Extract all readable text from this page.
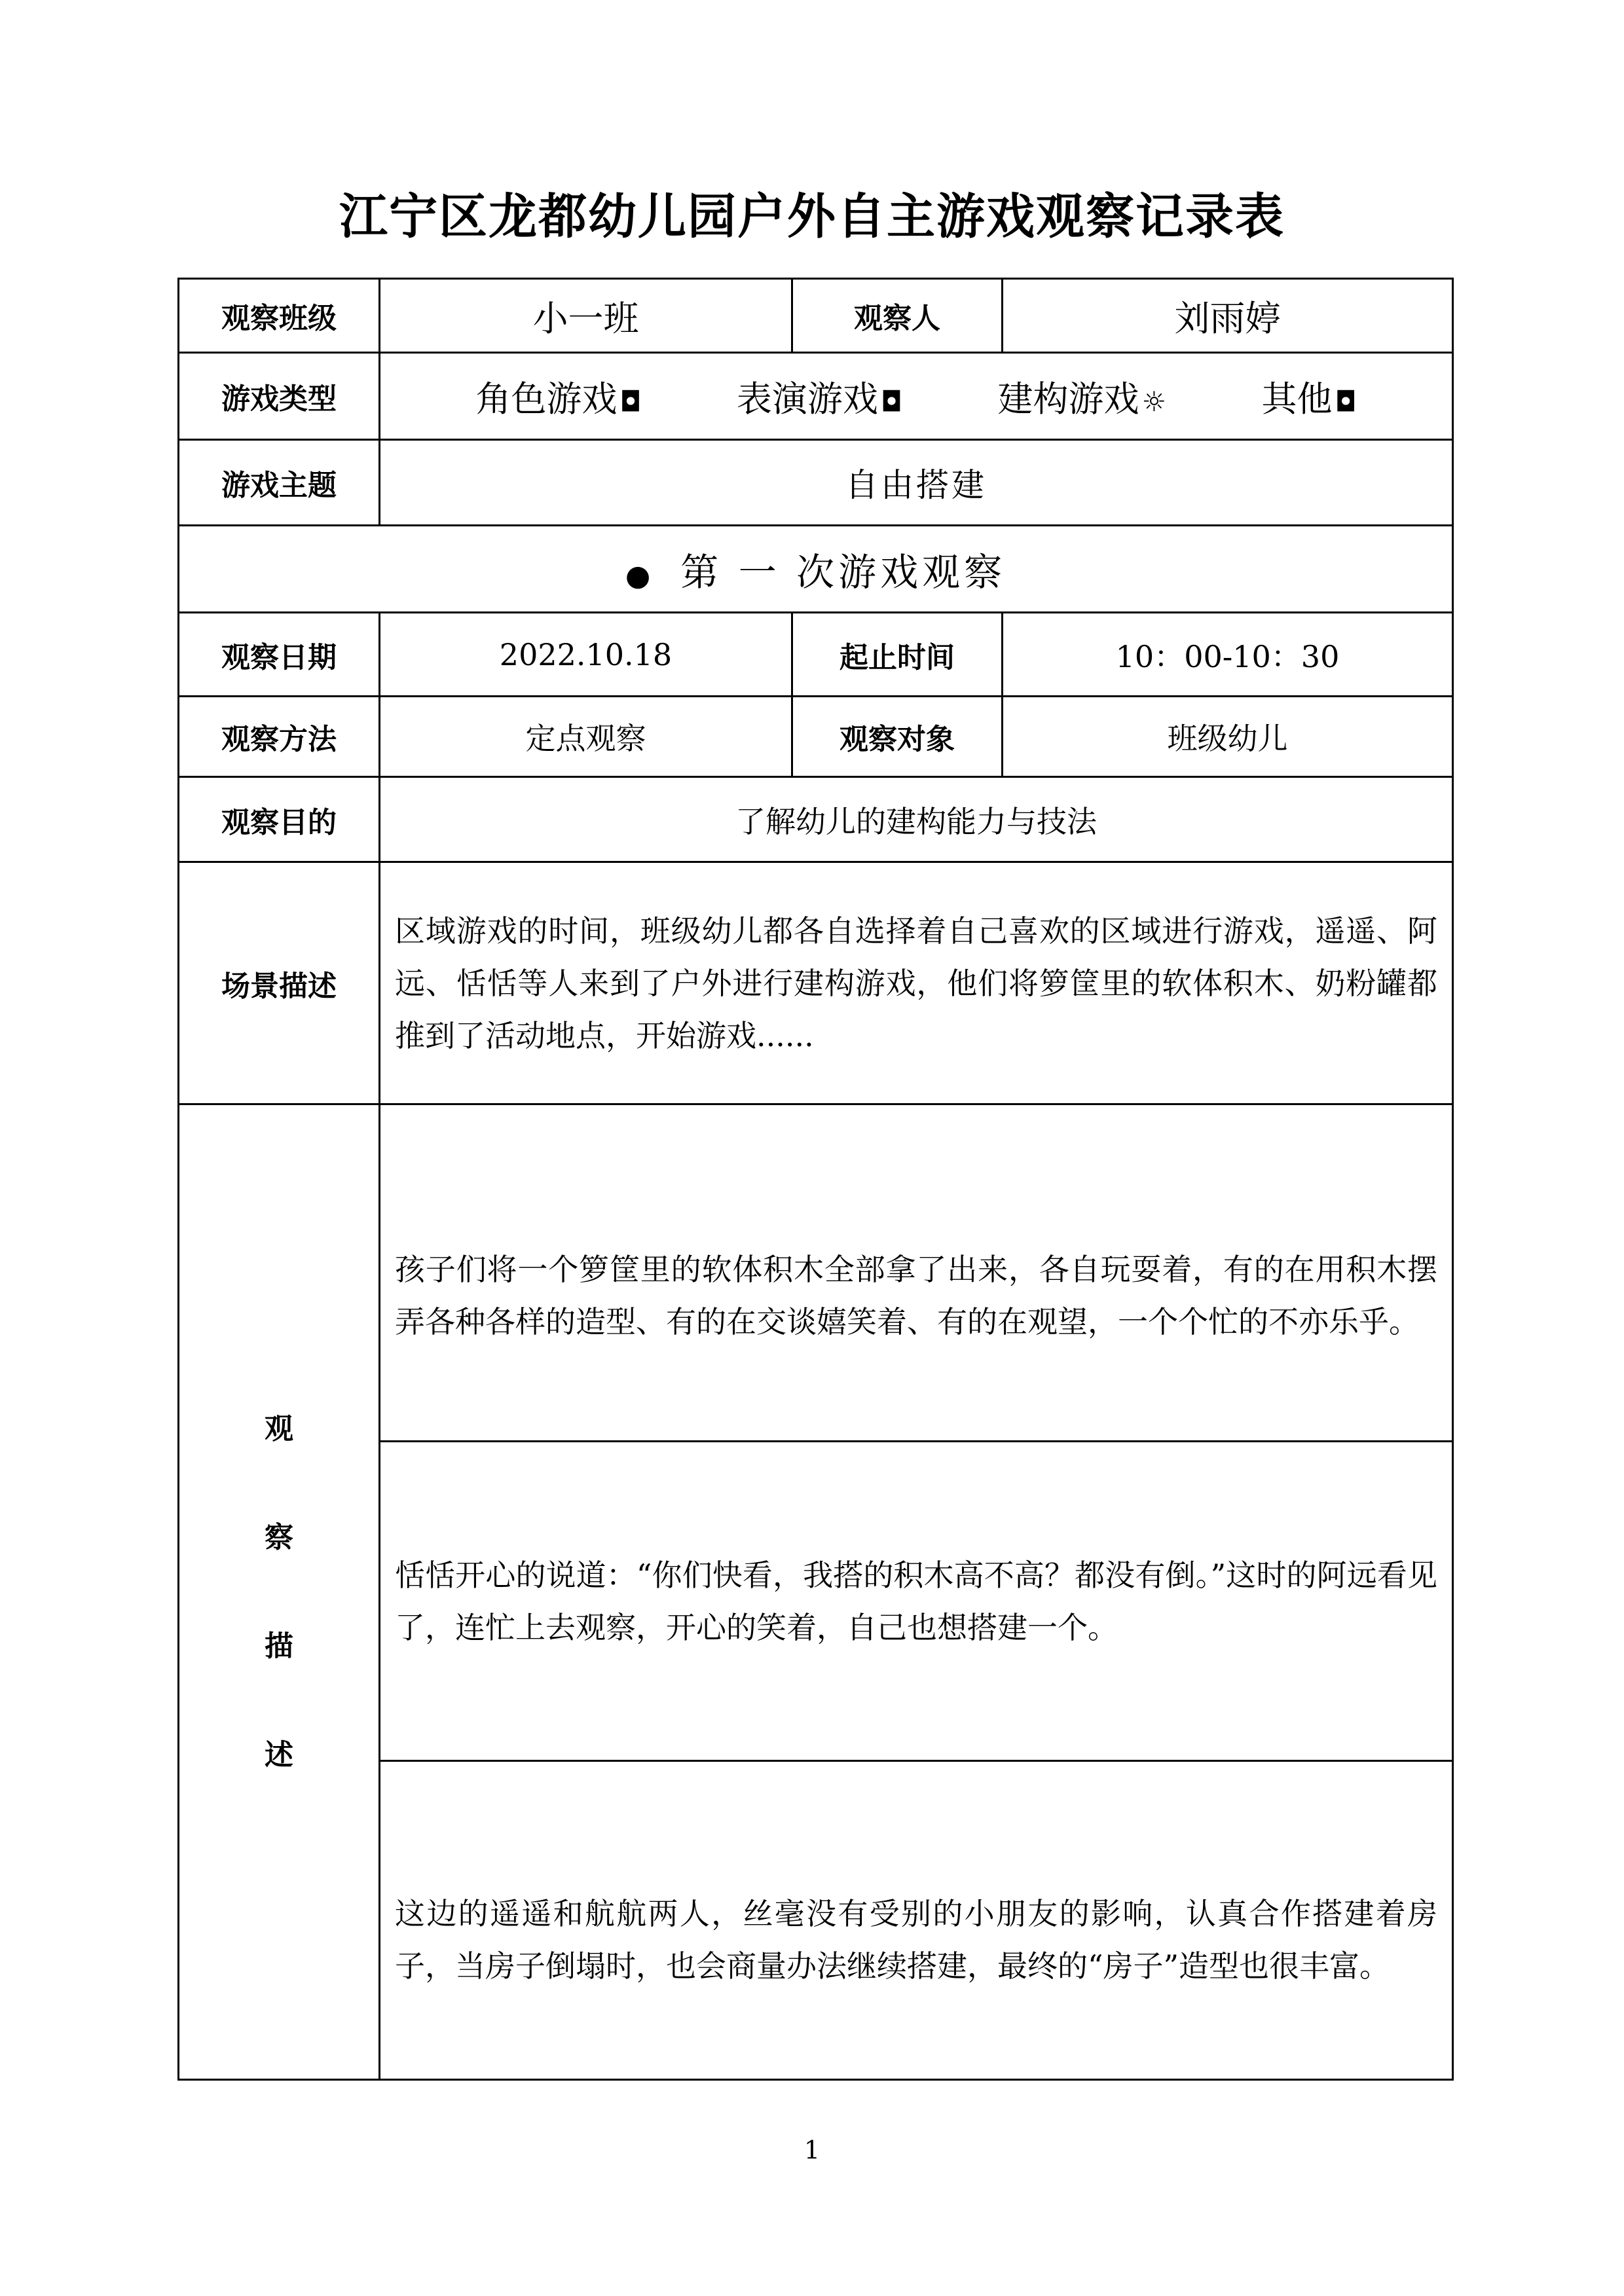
江宁区龙都幼儿园户外自主游戏观察记录表
观察班级	小一班	观察人	刘雨婷
游戏类型	角色游戏◘ 表演游戏◘ 建构游戏☼ 其他◘		

游戏主题	自由搭建		
● 第 一 次游戏观察			
观察日期	2022.10.18	起止时间	10：00-10：30
观察方法	定点观察	观察对象	班级幼儿
观察目的	了解幼儿的建构能力与技法		
场景描述	区域游戏的时间，班级幼儿都各自选择着自己喜欢的区域进行游戏，遥遥、阿远、恬恬等人来到了户外进行建构游戏，他们将箩筐里的软体积木、奶粉罐都推到了活动地点，开始游戏......		

观
察
描
述	孩子们将一个箩筐里的软体积木全部拿了出来，各自玩耍着，有的在用积木摆弄各种各样的造型、有的在交谈嬉笑着、有的在观望，一个个忙的不亦乐乎。		
	恬恬开心的说道：“你们快看，我搭的积木高不高？都没有倒。”这时的阿远看见了，连忙上去观察，开心的笑着，自己也想搭建一个。		
	这边的遥遥和航航两人，丝毫没有受别的小朋友的影响，认真合作搭建着房子，当房子倒塌时，也会商量办法继续搭建，最终的“房子”造型也很丰富。		
1
